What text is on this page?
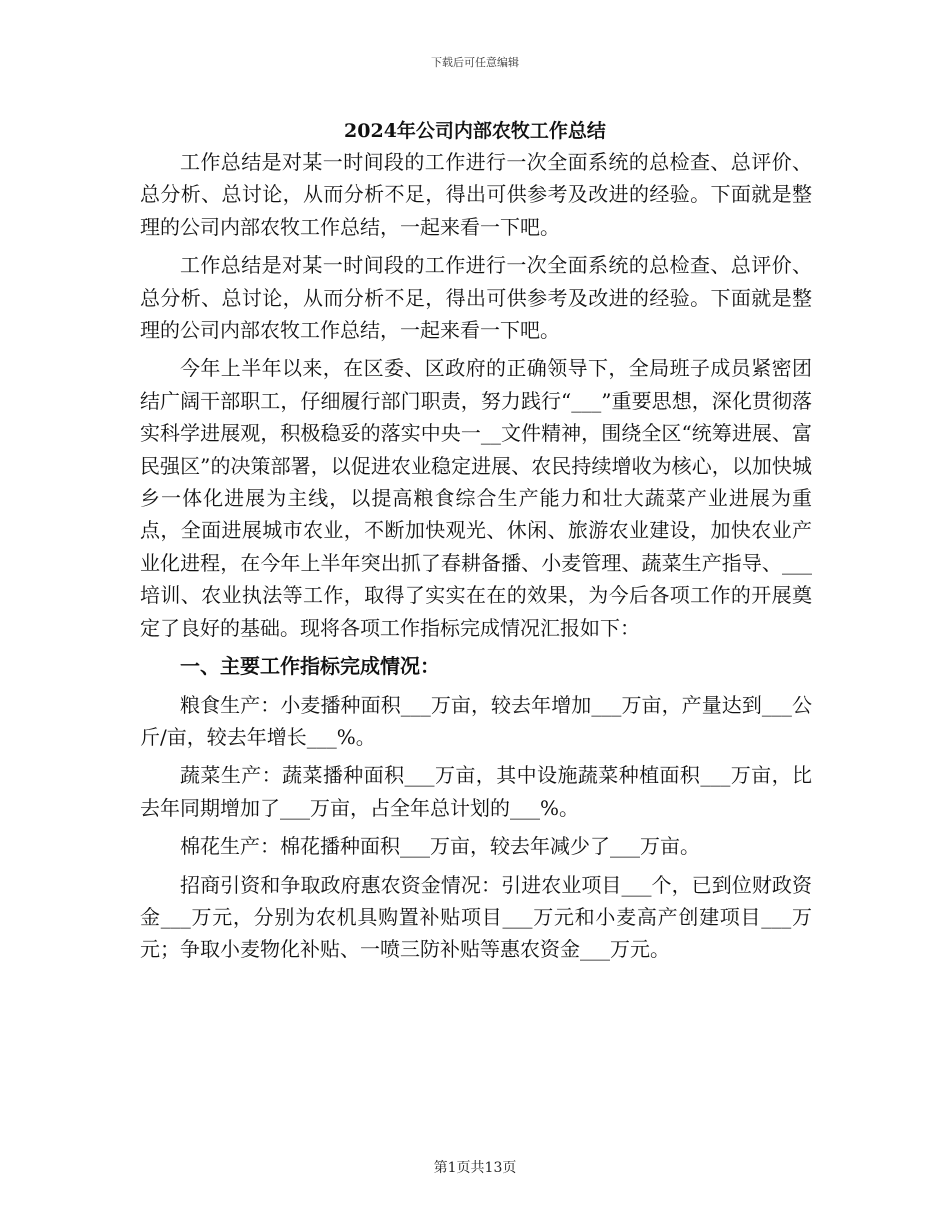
下载后可任意编辑
2024年公司内部农牧工作总结

工作总结是对某一时间段的工作进行一次全面系统的总检查、总评价、总分析、总讨论，从而分析不足，得出可供参考及改进的经验。下面就是整理的公司内部农牧工作总结，一起来看一下吧。

工作总结是对某一时间段的工作进行一次全面系统的总检查、总评价、总分析、总讨论，从而分析不足，得出可供参考及改进的经验。下面就是整理的公司内部农牧工作总结，一起来看一下吧。

今年上半年以来，在区委、区政府的正确领导下，全局班子成员紧密团结广阔干部职工，仔细履行部门职责，努力践行“___”重要思想，深化贯彻落实科学进展观，积极稳妥的落实中央一__文件精神，围绕全区“统筹进展、富民强区”的决策部署，以促进农业稳定进展、农民持续增收为核心，以加快城乡一体化进展为主线，以提高粮食综合生产能力和壮大蔬菜产业进展为重点，全面进展城市农业，不断加快观光、休闲、旅游农业建设，加快农业产业化进程，在今年上半年突出抓了春耕备播、小麦管理、蔬菜生产指导、___培训、农业执法等工作，取得了实实在在的效果，为今后各项工作的开展奠定了良好的基础。现将各项工作指标完成情况汇报如下：

一、主要工作指标完成情况：

粮食生产：小麦播种面积___万亩，较去年增加___万亩，产量达到___公斤/亩，较去年增长___%。

蔬菜生产：蔬菜播种面积___万亩，其中设施蔬菜种植面积___万亩，比去年同期增加了___万亩，占全年总计划的___%。

棉花生产：棉花播种面积___万亩，较去年减少了___万亩。

招商引资和争取政府惠农资金情况：引进农业项目___个，已到位财政资金___万元，分别为农机具购置补贴项目___万元和小麦高产创建项目___万元；争取小麦物化补贴、一喷三防补贴等惠农资金___万元。

第1页共13页
